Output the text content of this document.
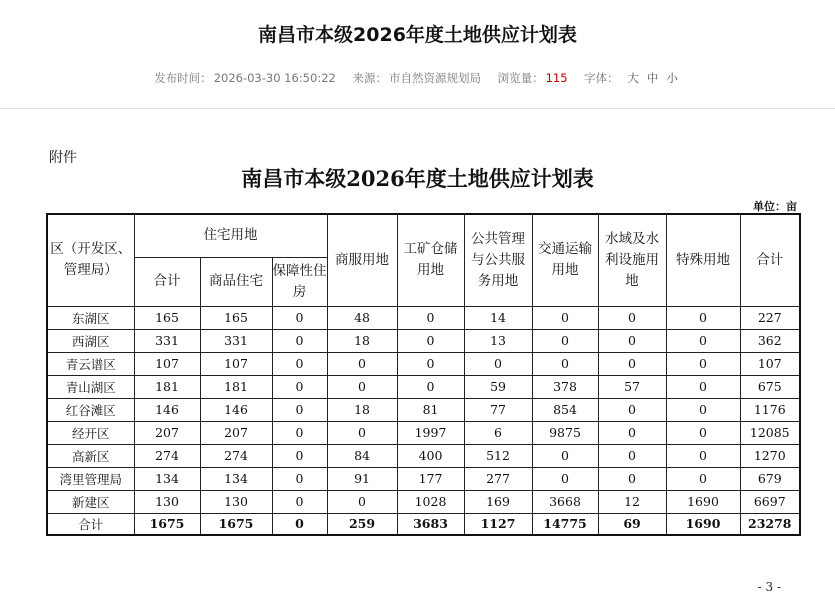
南昌市本级2026年度土地供应计划表
发布时间： 2026-03-30 16:50:22 来源： 市自然资源规划局 浏览量： 115 字体： 大 中 小
附件
南昌市本级2026年度土地供应计划表
单位：亩
区（开发区、管理局）	住宅用地			商服用地	工矿仓储用地	公共管理与公共服务用地	交通运输用地	水域及水利设施用地	特殊用地	合计
	合计	商品住宅	保障性住房							
东湖区	165	165	0	48	0	14	0	0	0	227
西湖区	331	331	0	18	0	13	0	0	0	362
青云谱区	107	107	0	0	0	0	0	0	0	107
青山湖区	181	181	0	0	0	59	378	57	0	675
红谷滩区	146	146	0	18	81	77	854	0	0	1176
经开区	207	207	0	0	1997	6	9875	0	0	12085
高新区	274	274	0	84	400	512	0	0	0	1270
湾里管理局	134	134	0	91	177	277	0	0	0	679
新建区	130	130	0	0	1028	169	3668	12	1690	6697
合计	1675	1675	0	259	3683	1127	14775	69	1690	23278
- 3 -
